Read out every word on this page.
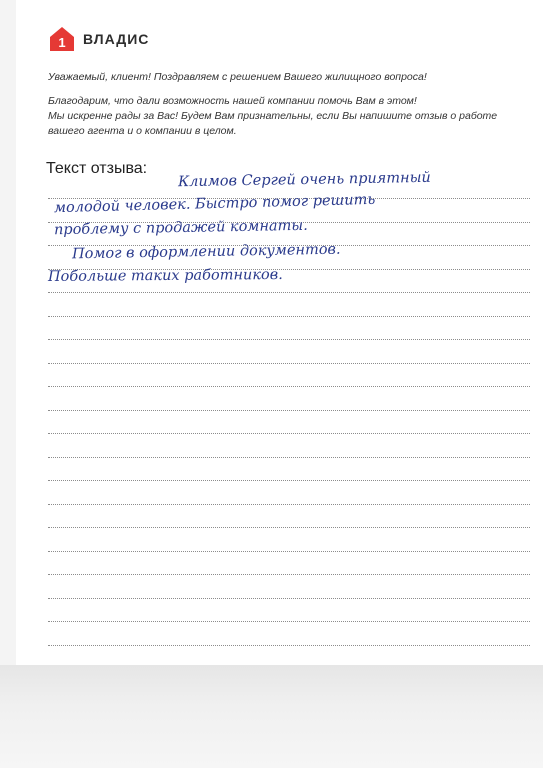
1 ВЛАДИС
Уважаемый, клиент! Поздравляем с решением Вашего жилищного вопроса!
Благодарим, что дали возможность нашей компании помочь Вам в этом!
Мы искренне рады за Вас! Будем Вам признательны, если Вы напишите отзыв о работе
вашего агента и о компании в целом.
Текст отзыва:
Климов Сергей очень приятный
молодой человек. Быстро помог решить
проблему с продажей комнаты.
Помог в оформлении документов.
Побольше таких работников.
